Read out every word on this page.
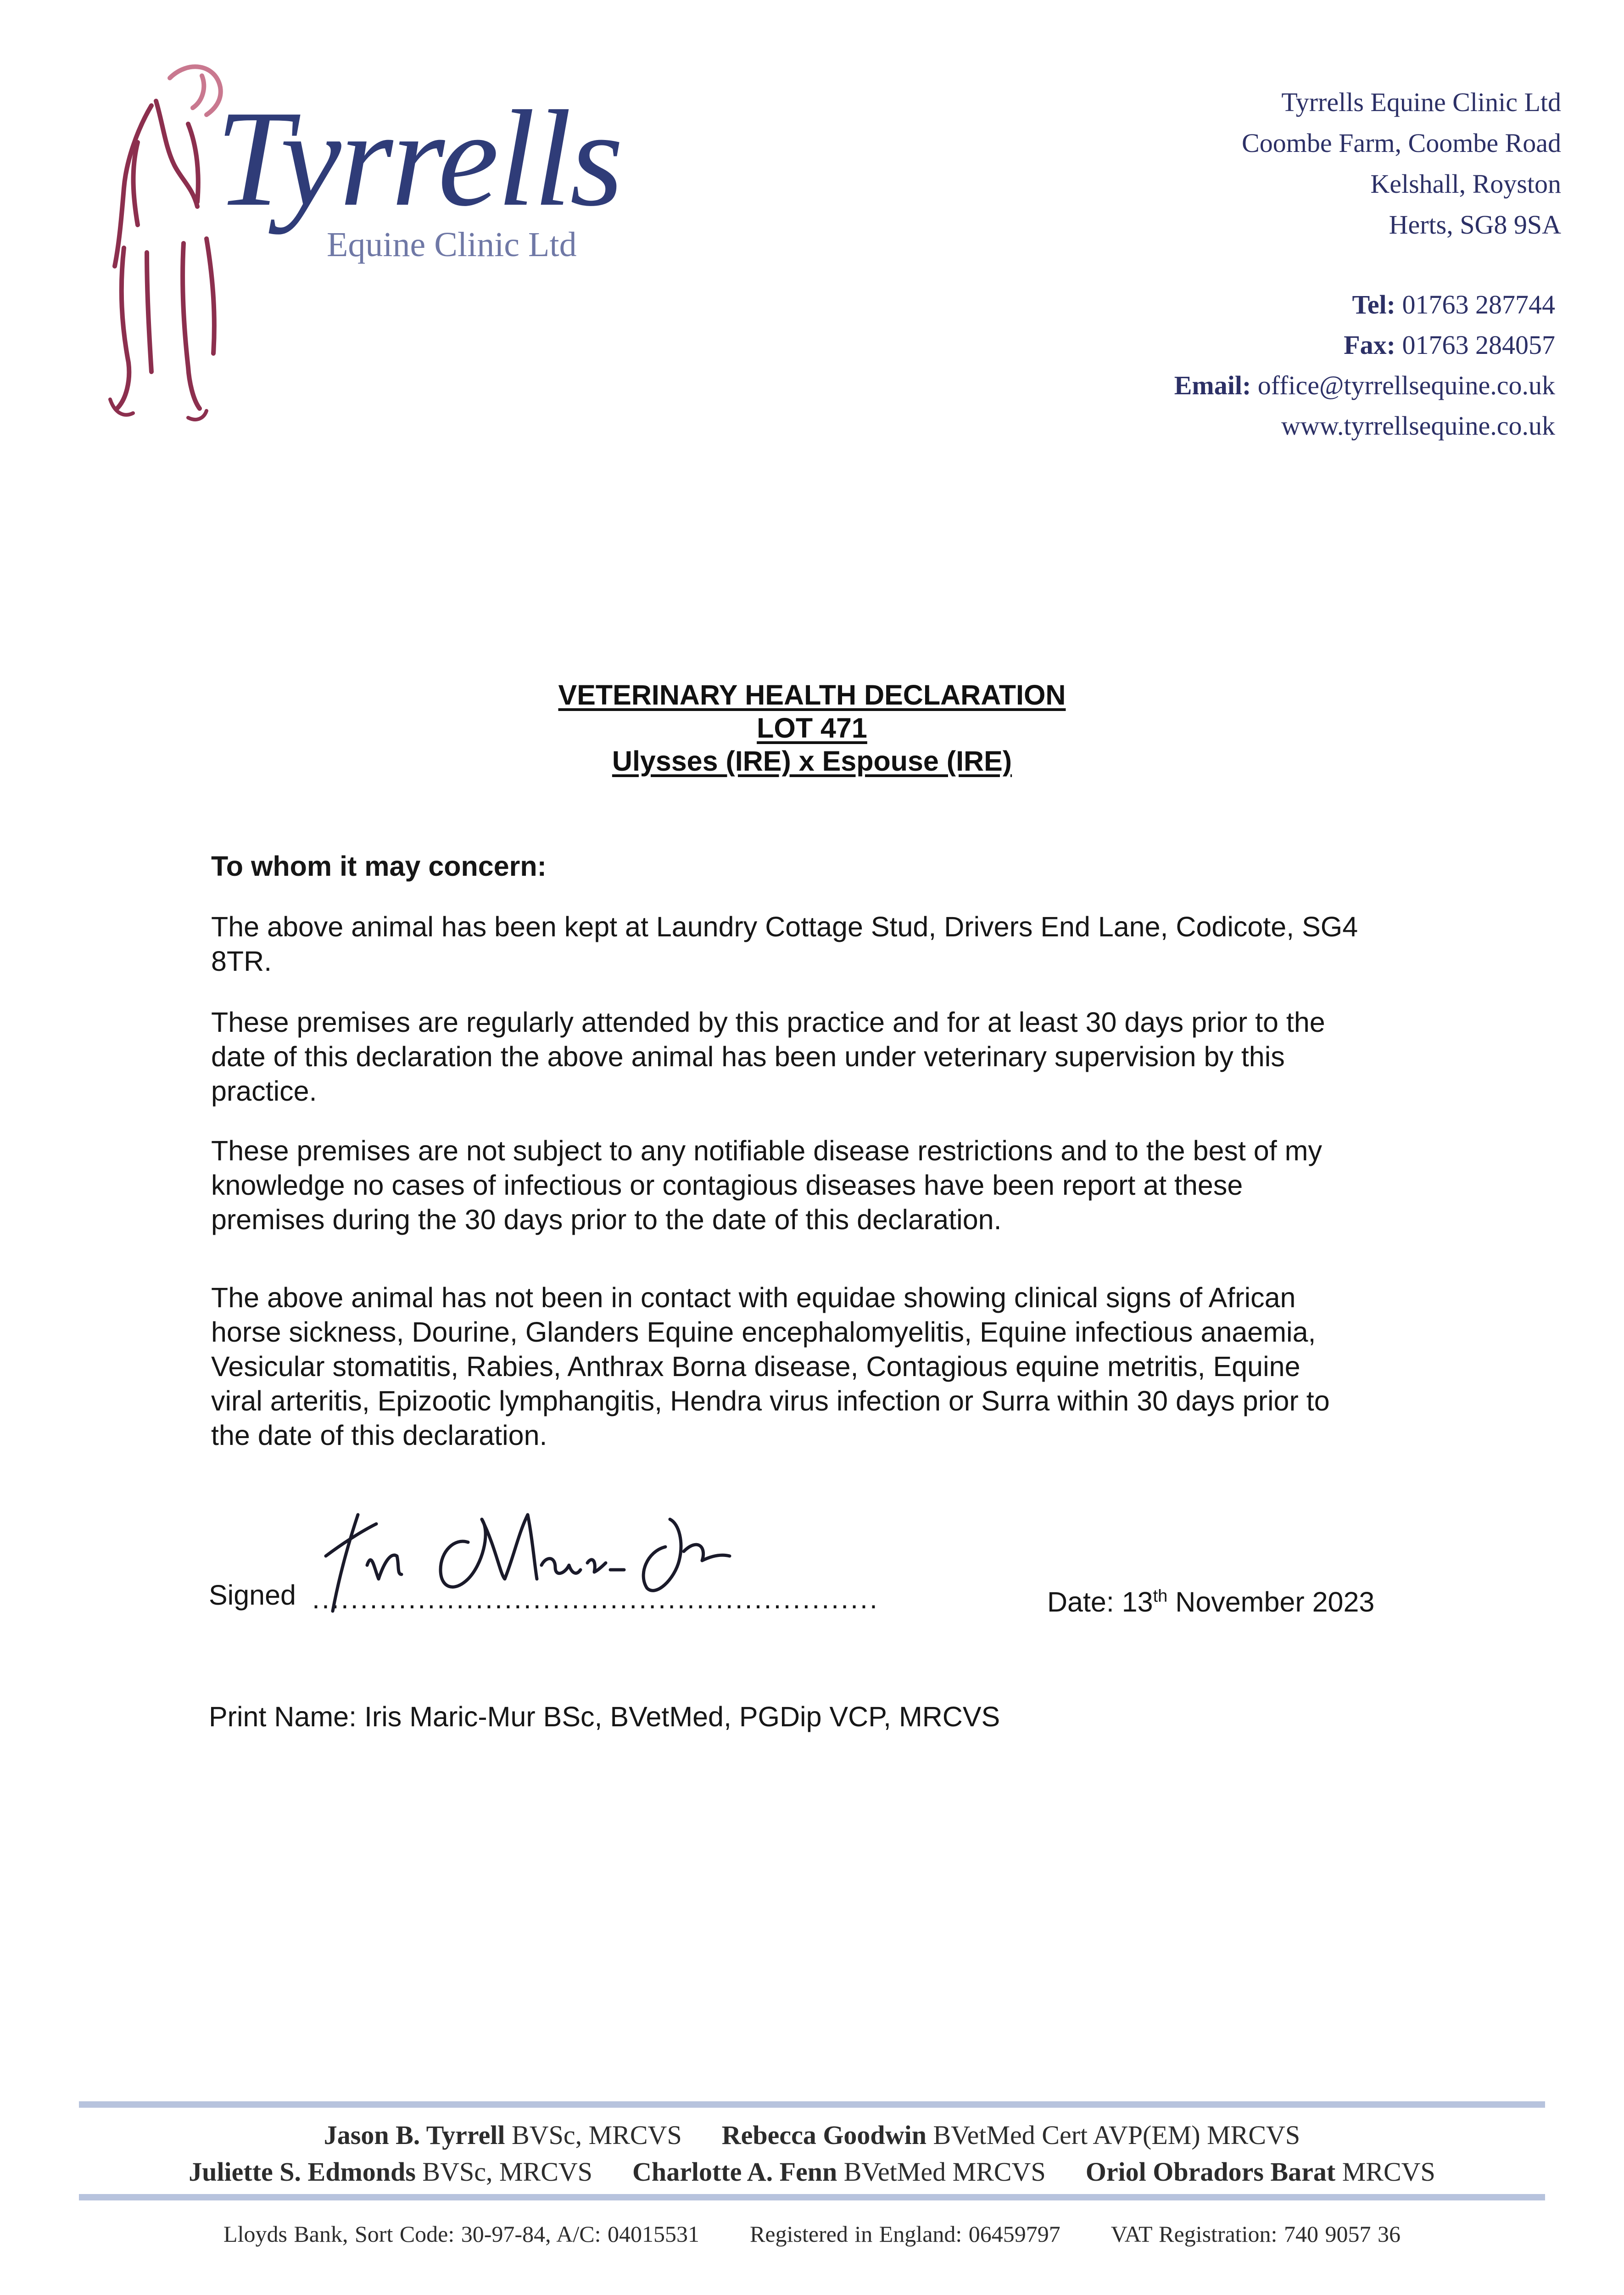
Tyrrells
Equine Clinic Ltd
Tyrrells Equine Clinic Ltd
Coombe Farm, Coombe Road
Kelshall, Royston
Herts, SG8 9SA
Tel: 01763 287744
Fax: 01763 284057
Email: office@tyrrellsequine.co.uk
www.tyrrellsequine.co.uk
VETERINARY HEALTH DECLARATION
LOT 471
Ulysses (IRE) x Espouse (IRE)
To whom it may concern:
The above animal has been kept at Laundry Cottage Stud, Drivers End Lane, Codicote, SG4
8TR.
These premises are regularly attended by this practice and for at least 30 days prior to the
date of this declaration the above animal has been under veterinary supervision by this
practice.
These premises are not subject to any notifiable disease restrictions and to the best of my
knowledge no cases of infectious or contagious diseases have been report at these
premises during the 30 days prior to the date of this declaration.
The above animal has not been in contact with equidae showing clinical signs of African
horse sickness, Dourine, Glanders Equine encephalomyelitis, Equine infectious anaemia,
Vesicular stomatitis, Rabies, Anthrax Borna disease, Contagious equine metritis, Equine
viral arteritis, Epizootic lymphangitis, Hendra virus infection or Surra within 30 days prior to
the date of this declaration.
Signed ...........................................................	Date: 13th November 2023
Print Name: Iris Maric-Mur BSc, BVetMed, PGDip VCP, MRCVS
Jason B. Tyrrell BVSc, MRCVS Rebecca Goodwin BVetMed Cert AVP(EM) MRCVS
Juliette S. Edmonds BVSc, MRCVS Charlotte A. Fenn BVetMed MRCVS Oriol Obradors Barat MRCVS
Lloyds Bank, Sort Code: 30-97-84, A/C: 04015531 Registered in England: 06459797 VAT Registration: 740 9057 36
